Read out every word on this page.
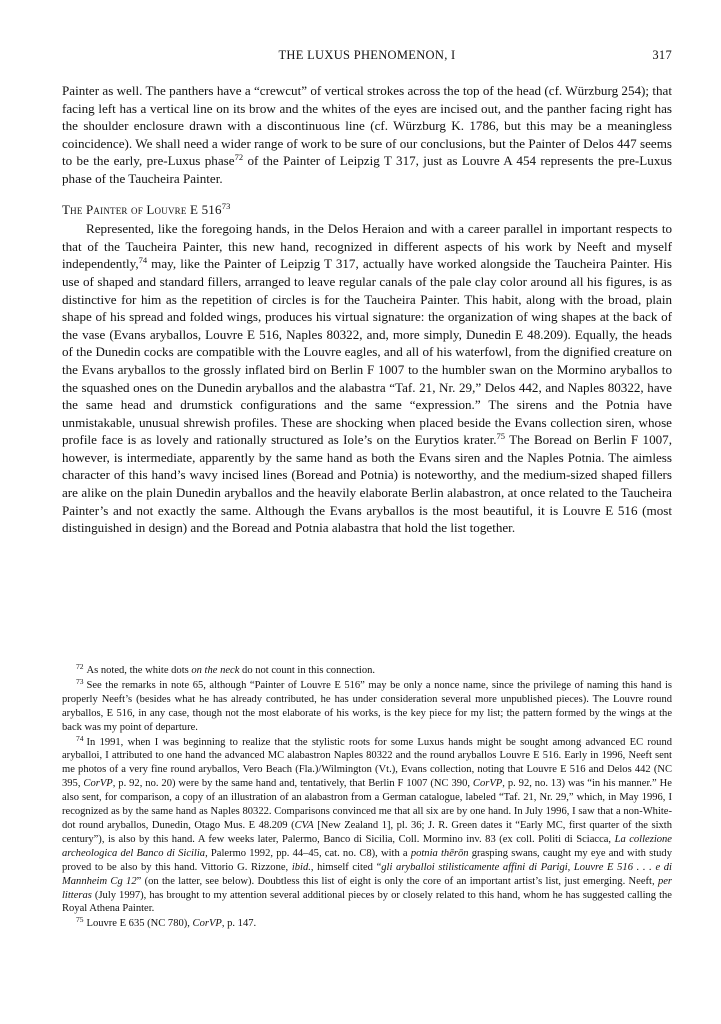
THE LUXUS PHENOMENON, I	317

Painter as well. The panthers have a “crewcut” of vertical strokes across the top of the head (cf. Würzburg 254); that facing left has a vertical line on its brow and the whites of the eyes are incised out, and the panther facing right has the shoulder enclosure drawn with a discontinuous line (cf. Würzburg K. 1786, but this may be a meaningless coincidence). We shall need a wider range of work to be sure of our conclusions, but the Painter of Delos 447 seems to be the early, pre-Luxus phase$^{72}$ of the Painter of Leipzig T 317, just as Louvre A 454 represents the pre-Luxus phase of the Taucheira Painter.

The Painter of Louvre E $516^{73}$

Represented, like the foregoing hands, in the Delos Heraion and with a career parallel in important respects to that of the Taucheira Painter, this new hand, recognized in different aspects of his work by Neeft and myself independently,$^{74}$ may, like the Painter of Leipzig T 317, actually have worked alongside the Taucheira Painter. His use of shaped and standard fillers, arranged to leave regular canals of the pale clay color around all his figures, is as distinctive for him as the repetition of circles is for the Taucheira Painter. This habit, along with the broad, plain shape of his spread and folded wings, produces his virtual signature: the organization of wing shapes at the back of the vase (Evans aryballos, Louvre E 516, Naples 80322, and, more simply, Dunedin E 48.209). Equally, the heads of the Dunedin cocks are compatible with the Louvre eagles, and all of his waterfowl, from the dignified creature on the Evans aryballos to the grossly inflated bird on Berlin F 1007 to the humbler swan on the Mormino aryballos to the squashed ones on the Dunedin aryballos and the alabastra “Taf. 21, Nr. 29,” Delos 442, and Naples 80322, have the same head and drumstick configurations and the same “expression.” The sirens and the Potnia have unmistakable, unusual shrewish profiles. These are shocking when placed beside the Evans collection siren, whose profile face is as lovely and rationally structured as Iole’s on the Eurytios krater.$^{75}$ The Boread on Berlin F 1007, however, is intermediate, apparently by the same hand as both the Evans siren and the Naples Potnia. The aimless character of this hand’s wavy incised lines (Boread and Potnia) is noteworthy, and the medium-sized shaped fillers are alike on the plain Dunedin aryballos and the heavily elaborate Berlin alabastron, at once related to the Taucheira Painter’s and not exactly the same. Although the Evans aryballos is the most beautiful, it is Louvre E 516 (most distinguished in design) and the Boread and Potnia alabastra that hold the list together.

$^{72}$ As noted, the white dots on the neck do not count in this connection.

$^{73}$ See the remarks in note 65, although “Painter of Louvre E 516” may be only a nonce name, since the privilege of naming this hand is properly Neeft’s (besides what he has already contributed, he has under consideration several more unpublished pieces). The Louvre round aryballos, E 516, in any case, though not the most elaborate of his works, is the key piece for my list; the pattern formed by the wings at the back was my point of departure.

$^{74}$ In 1991, when I was beginning to realize that the stylistic roots for some Luxus hands might be sought among advanced EC round aryballoi, I attributed to one hand the advanced MC alabastron Naples 80322 and the round aryballos Louvre E 516. Early in 1996, Neeft sent me photos of a very fine round aryballos, Vero Beach (Fla.)/Wilmington (Vt.), Evans collection, noting that Louvre E 516 and Delos 442 (NC 395, CorVP, p. 92, no. 20) were by the same hand and, tentatively, that Berlin F 1007 (NC 390, CorVP, p. 92, no. 13) was “in his manner.” He also sent, for comparison, a copy of an illustration of an alabastron from a German catalogue, labeled “Taf. 21, Nr. 29,” which, in May 1996, I recognized as by the same hand as Naples 80322. Comparisons convinced me that all six are by one hand. In July 1996, I saw that a non-White-dot round aryballos, Dunedin, Otago Mus. E 48.209 (CVA [New Zealand 1], pl. 36; J. R. Green dates it “Early MC, first quarter of the sixth century”), is also by this hand. A few weeks later, Palermo, Banco di Sicilia, Coll. Mormino inv. 83 (ex coll. Politi di Sciacca, La collezione archeologica del Banco di Sicilia, Palermo 1992, pp. 44–45, cat. no. C8), with a potnia thērōn grasping swans, caught my eye and with study proved to be also by this hand. Vittorio G. Rizzone, ibid., himself cited “gli aryballoi stilisticamente affini di Parigi, Louvre E 516 . . . e di Mannheim Cg 12” (on the latter, see below). Doubtless this list of eight is only the core of an important artist’s list, just emerging. Neeft, per litteras (July 1997), has brought to my attention several additional pieces by or closely related to this hand, whom he has suggested calling the Royal Athena Painter.

$^{75}$ Louvre E 635 (NC 780), CorVP, p. 147.
